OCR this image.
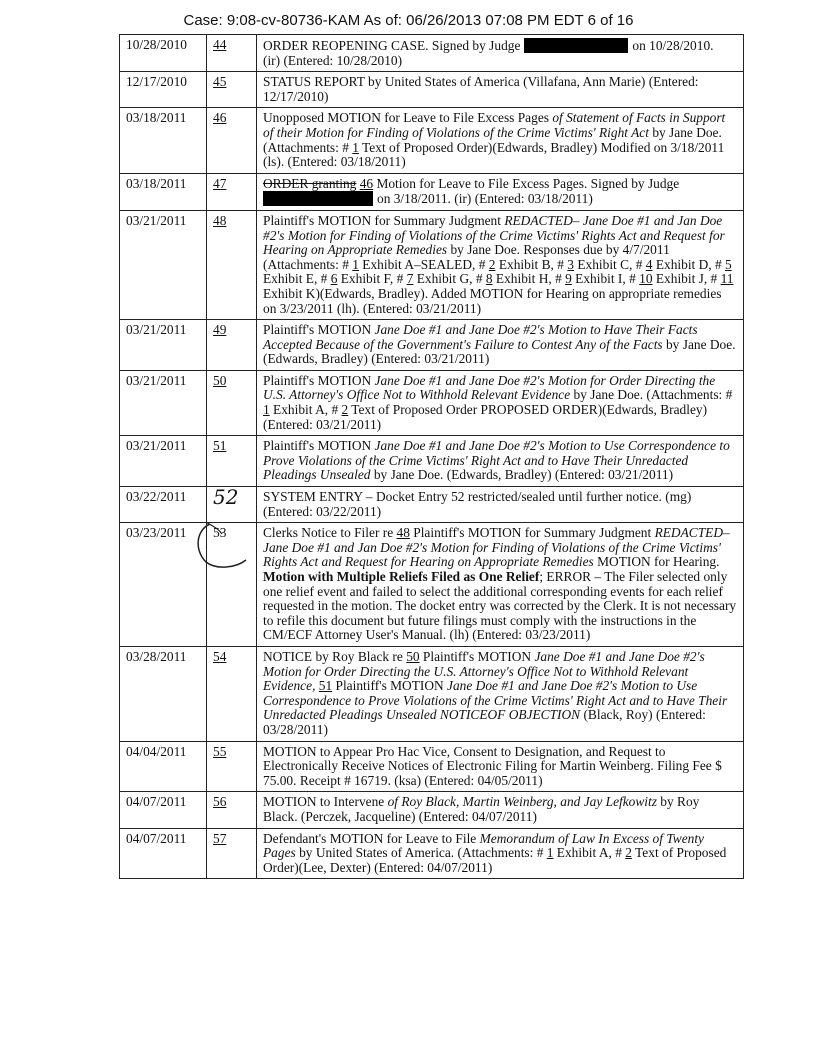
Case: 9:08-cv-80736-KAM As of: 06/26/2013 07:08 PM EDT 6 of 16
10/28/2010	44	ORDER REOPENING CASE. Signed by Judge on 10/28/2010.
(ir) (Entered: 10/28/2010)
12/17/2010	45	STATUS REPORT by United States of America (Villafana, Ann Marie) (Entered: 12/17/2010)
03/18/2011	46	Unopposed MOTION for Leave to File Excess Pages of Statement of Facts in Support of their Motion for Finding of Violations of the Crime Victims' Right Act by Jane Doe. (Attachments: # 1 Text of Proposed Order)(Edwards, Bradley) Modified on 3/18/2011 (ls). (Entered: 03/18/2011)
03/18/2011	47	ORDER granting 46 Motion for Leave to File Excess Pages. Signed by Judge
on 3/18/2011. (ir) (Entered: 03/18/2011)
03/21/2011	48	Plaintiff's MOTION for Summary Judgment REDACTED– Jane Doe #1 and Jan Doe #2's Motion for Finding of Violations of the Crime Victims' Rights Act and Request for Hearing on Appropriate Remedies by Jane Doe. Responses due by 4/7/2011 (Attachments: # 1 Exhibit A–SEALED, # 2 Exhibit B, # 3 Exhibit C, # 4 Exhibit D, # 5 Exhibit E, # 6 Exhibit F, # 7 Exhibit G, # 8 Exhibit H, # 9 Exhibit I, # 10 Exhibit J, # 11 Exhibit K)(Edwards, Bradley). Added MOTION for Hearing on appropriate remedies on 3/23/2011 (lh). (Entered: 03/21/2011)
03/21/2011	49	Plaintiff's MOTION Jane Doe #1 and Jane Doe #2's Motion to Have Their Facts Accepted Because of the Government's Failure to Contest Any of the Facts by Jane Doe. (Edwards, Bradley) (Entered: 03/21/2011)
03/21/2011	50	Plaintiff's MOTION Jane Doe #1 and Jane Doe #2's Motion for Order Directing the U.S. Attorney's Office Not to Withhold Relevant Evidence by Jane Doe. (Attachments: # 1 Exhibit A, # 2 Text of Proposed Order PROPOSED ORDER)(Edwards, Bradley) (Entered: 03/21/2011)
03/21/2011	51	Plaintiff's MOTION Jane Doe #1 and Jane Doe #2's Motion to Use Correspondence to Prove Violations of the Crime Victims' Right Act and to Have Their Unredacted Pleadings Unsealed by Jane Doe. (Edwards, Bradley) (Entered: 03/21/2011)
03/22/2011	52	SYSTEM ENTRY – Docket Entry 52 restricted/sealed until further notice. (mg) (Entered: 03/22/2011)
03/23/2011	53	Clerks Notice to Filer re 48 Plaintiff's MOTION for Summary Judgment REDACTED– Jane Doe #1 and Jan Doe #2's Motion for Finding of Violations of the Crime Victims' Rights Act and Request for Hearing on Appropriate Remedies MOTION for Hearing. Motion with Multiple Reliefs Filed as One Relief; ERROR – The Filer selected only one relief event and failed to select the additional corresponding events for each relief requested in the motion. The docket entry was corrected by the Clerk. It is not necessary to refile this document but future filings must comply with the instructions in the CM/ECF Attorney User's Manual. (lh) (Entered: 03/23/2011)
03/28/2011	54	NOTICE by Roy Black re 50 Plaintiff's MOTION Jane Doe #1 and Jane Doe #2's Motion for Order Directing the U.S. Attorney's Office Not to Withhold Relevant Evidence, 51 Plaintiff's MOTION Jane Doe #1 and Jane Doe #2's Motion to Use Correspondence to Prove Violations of the Crime Victims' Right Act and to Have Their Unredacted Pleadings Unsealed NOTICEOF OBJECTION (Black, Roy) (Entered: 03/28/2011)
04/04/2011	55	MOTION to Appear Pro Hac Vice, Consent to Designation, and Request to Electronically Receive Notices of Electronic Filing for Martin Weinberg. Filing Fee $ 75.00. Receipt # 16719. (ksa) (Entered: 04/05/2011)
04/07/2011	56	MOTION to Intervene of Roy Black, Martin Weinberg, and Jay Lefkowitz by Roy Black. (Perczek, Jacqueline) (Entered: 04/07/2011)
04/07/2011	57	Defendant's MOTION for Leave to File Memorandum of Law In Excess of Twenty Pages by United States of America. (Attachments: # 1 Exhibit A, # 2 Text of Proposed Order)(Lee, Dexter) (Entered: 04/07/2011)
